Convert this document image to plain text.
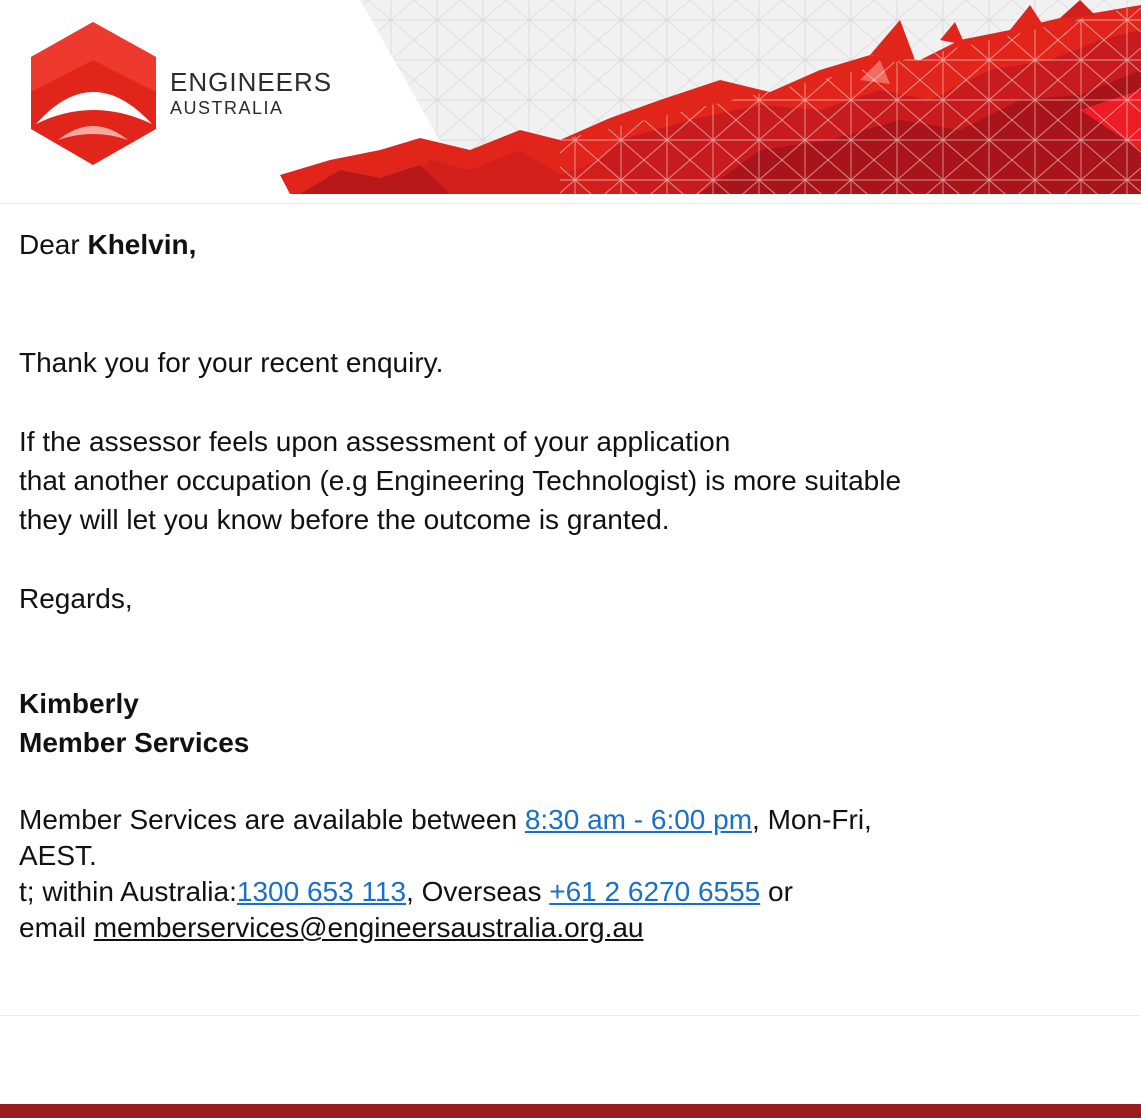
ENGINEERS
AUSTRALIA

Dear Khelvin,

Thank you for your recent enquiry.

If the assessor feels upon assessment of your application

that another occupation (e.g Engineering Technologist) is more suitable

they will let you know before the outcome is granted.

Regards,

Kimberly

Member Services

Member Services are available between 8:30 am - 6:00 pm, Mon-Fri,

AEST.

t; within Australia:1300 653 113, Overseas +61 2 6270 6555 or

email memberservices@engineersaustralia.org.au
